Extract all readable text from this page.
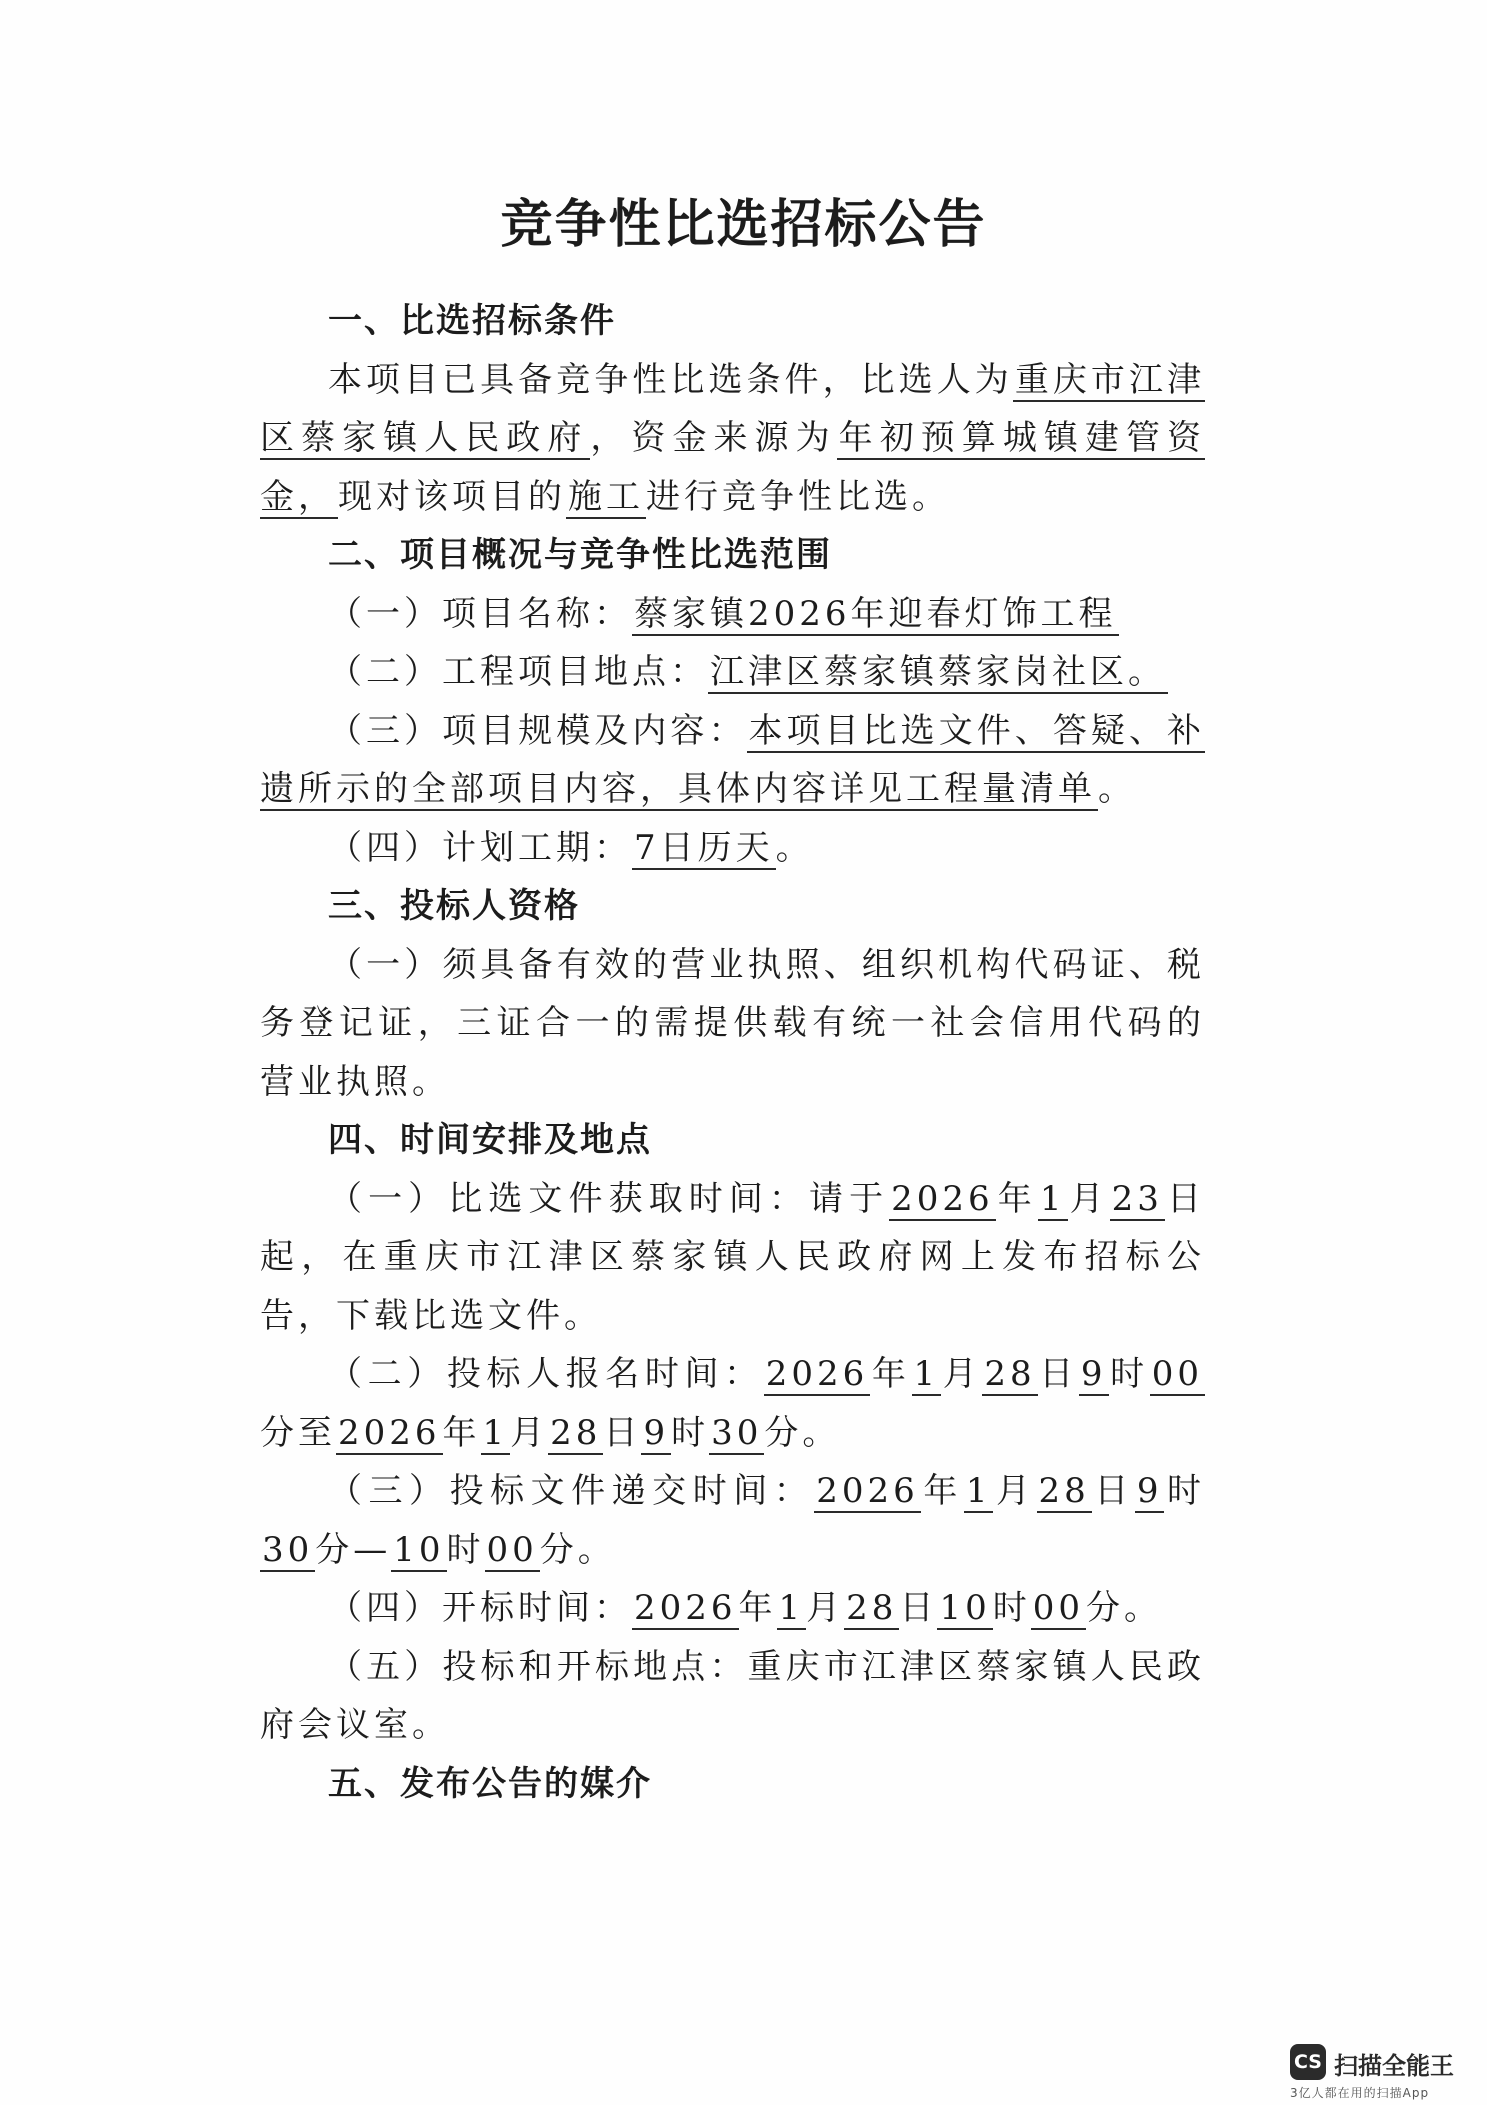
竞争性比选招标公告

一、比选招标条件

本项目已具备竞争性比选条件，比选人为重庆市江津区蔡家镇人民政府，资金来源为年初预算城镇建管资金，现对该项目的施工进行竞争性比选。

二、项目概况与竞争性比选范围

（一）项目名称：蔡家镇2026年迎春灯饰工程

（二）工程项目地点：江津区蔡家镇蔡家岗社区。

（三）项目规模及内容：本项目比选文件、答疑、补遗所示的全部项目内容，具体内容详见工程量清单。

（四）计划工期：7日历天。

三、投标人资格

（一）须具备有效的营业执照、组织机构代码证、税务登记证，三证合一的需提供载有统一社会信用代码的营业执照。

四、时间安排及地点

（一）比选文件获取时间：请于2026年1月23日起，在重庆市江津区蔡家镇人民政府网上发布招标公告，下载比选文件。

（二）投标人报名时间：2026年1月28日9时00分至2026年1月28日9时30分。

（三）投标文件递交时间：2026年1月28日9时30分—10时00分。

（四）开标时间：2026年1月28日10时00分。

（五）投标和开标地点：重庆市江津区蔡家镇人民政府会议室。

五、发布公告的媒介

CS 扫描全能王
3亿人都在用的扫描App
